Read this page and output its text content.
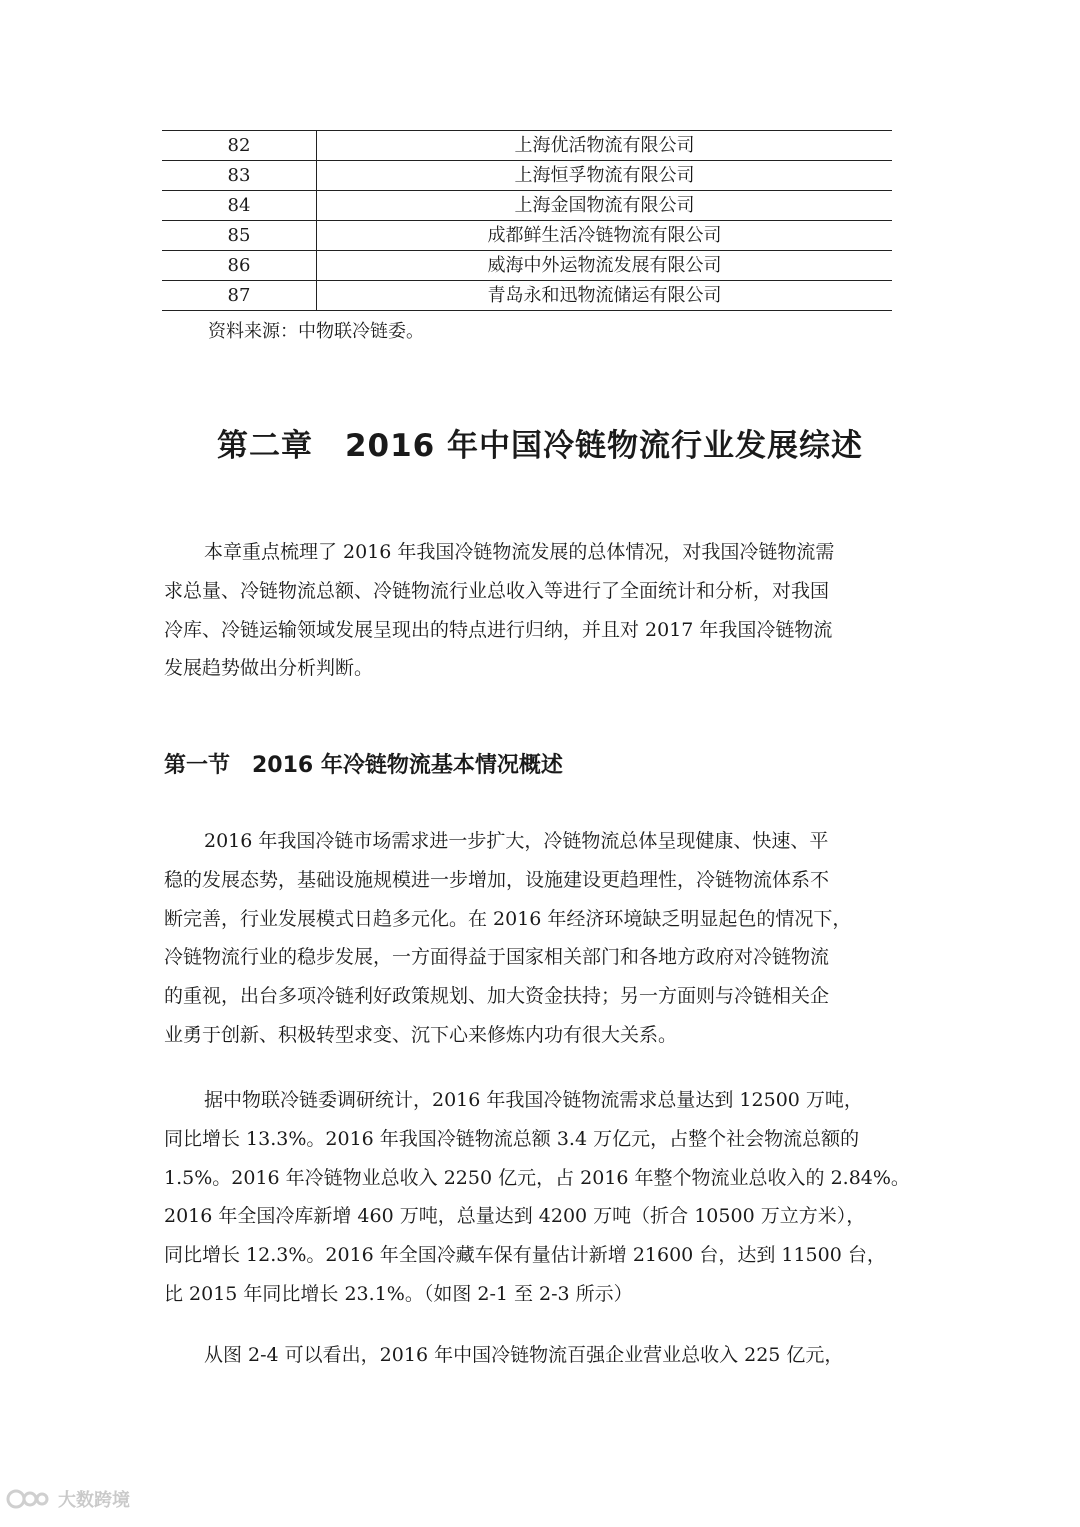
82	上海优活物流有限公司
83	上海恒孚物流有限公司
84	上海金国物流有限公司
85	成都鲜生活冷链物流有限公司
86	威海中外运物流发展有限公司
87	青岛永和迅物流储运有限公司
资料来源：中物联冷链委。
第二章　2016 年中国冷链物流行业发展综述

本章重点梳理了 2016 年我国冷链物流发展的总体情况，对我国冷链物流需
求总量、冷链物流总额、冷链物流行业总收入等进行了全面统计和分析，对我国
冷库、冷链运输领域发展呈现出的特点进行归纳，并且对 2017 年我国冷链物流
发展趋势做出分析判断。

第一节　2016 年冷链物流基本情况概述

2016 年我国冷链市场需求进一步扩大，冷链物流总体呈现健康、快速、平
稳的发展态势，基础设施规模进一步增加，设施建设更趋理性，冷链物流体系不
断完善，行业发展模式日趋多元化。在 2016 年经济环境缺乏明显起色的情况下，
冷链物流行业的稳步发展，一方面得益于国家相关部门和各地方政府对冷链物流
的重视，出台多项冷链利好政策规划、加大资金扶持；另一方面则与冷链相关企
业勇于创新、积极转型求变、沉下心来修炼内功有很大关系。

据中物联冷链委调研统计，2016 年我国冷链物流需求总量达到 12500 万吨，
同比增长 13.3%。2016 年我国冷链物流总额 3.4 万亿元，占整个社会物流总额的
1.5%。2016 年冷链物业总收入 2250 亿元，占 2016 年整个物流业总收入的 2.84%。
2016 年全国冷库新增 460 万吨，总量达到 4200 万吨（折合 10500 万立方米），
同比增长 12.3%。2016 年全国冷藏车保有量估计新增 21600 台，达到 11500 台，
比 2015 年同比增长 23.1%。（如图 2-1 至 2-3 所示）

从图 2-4 可以看出，2016 年中国冷链物流百强企业营业总收入 225 亿元，

大数跨境
